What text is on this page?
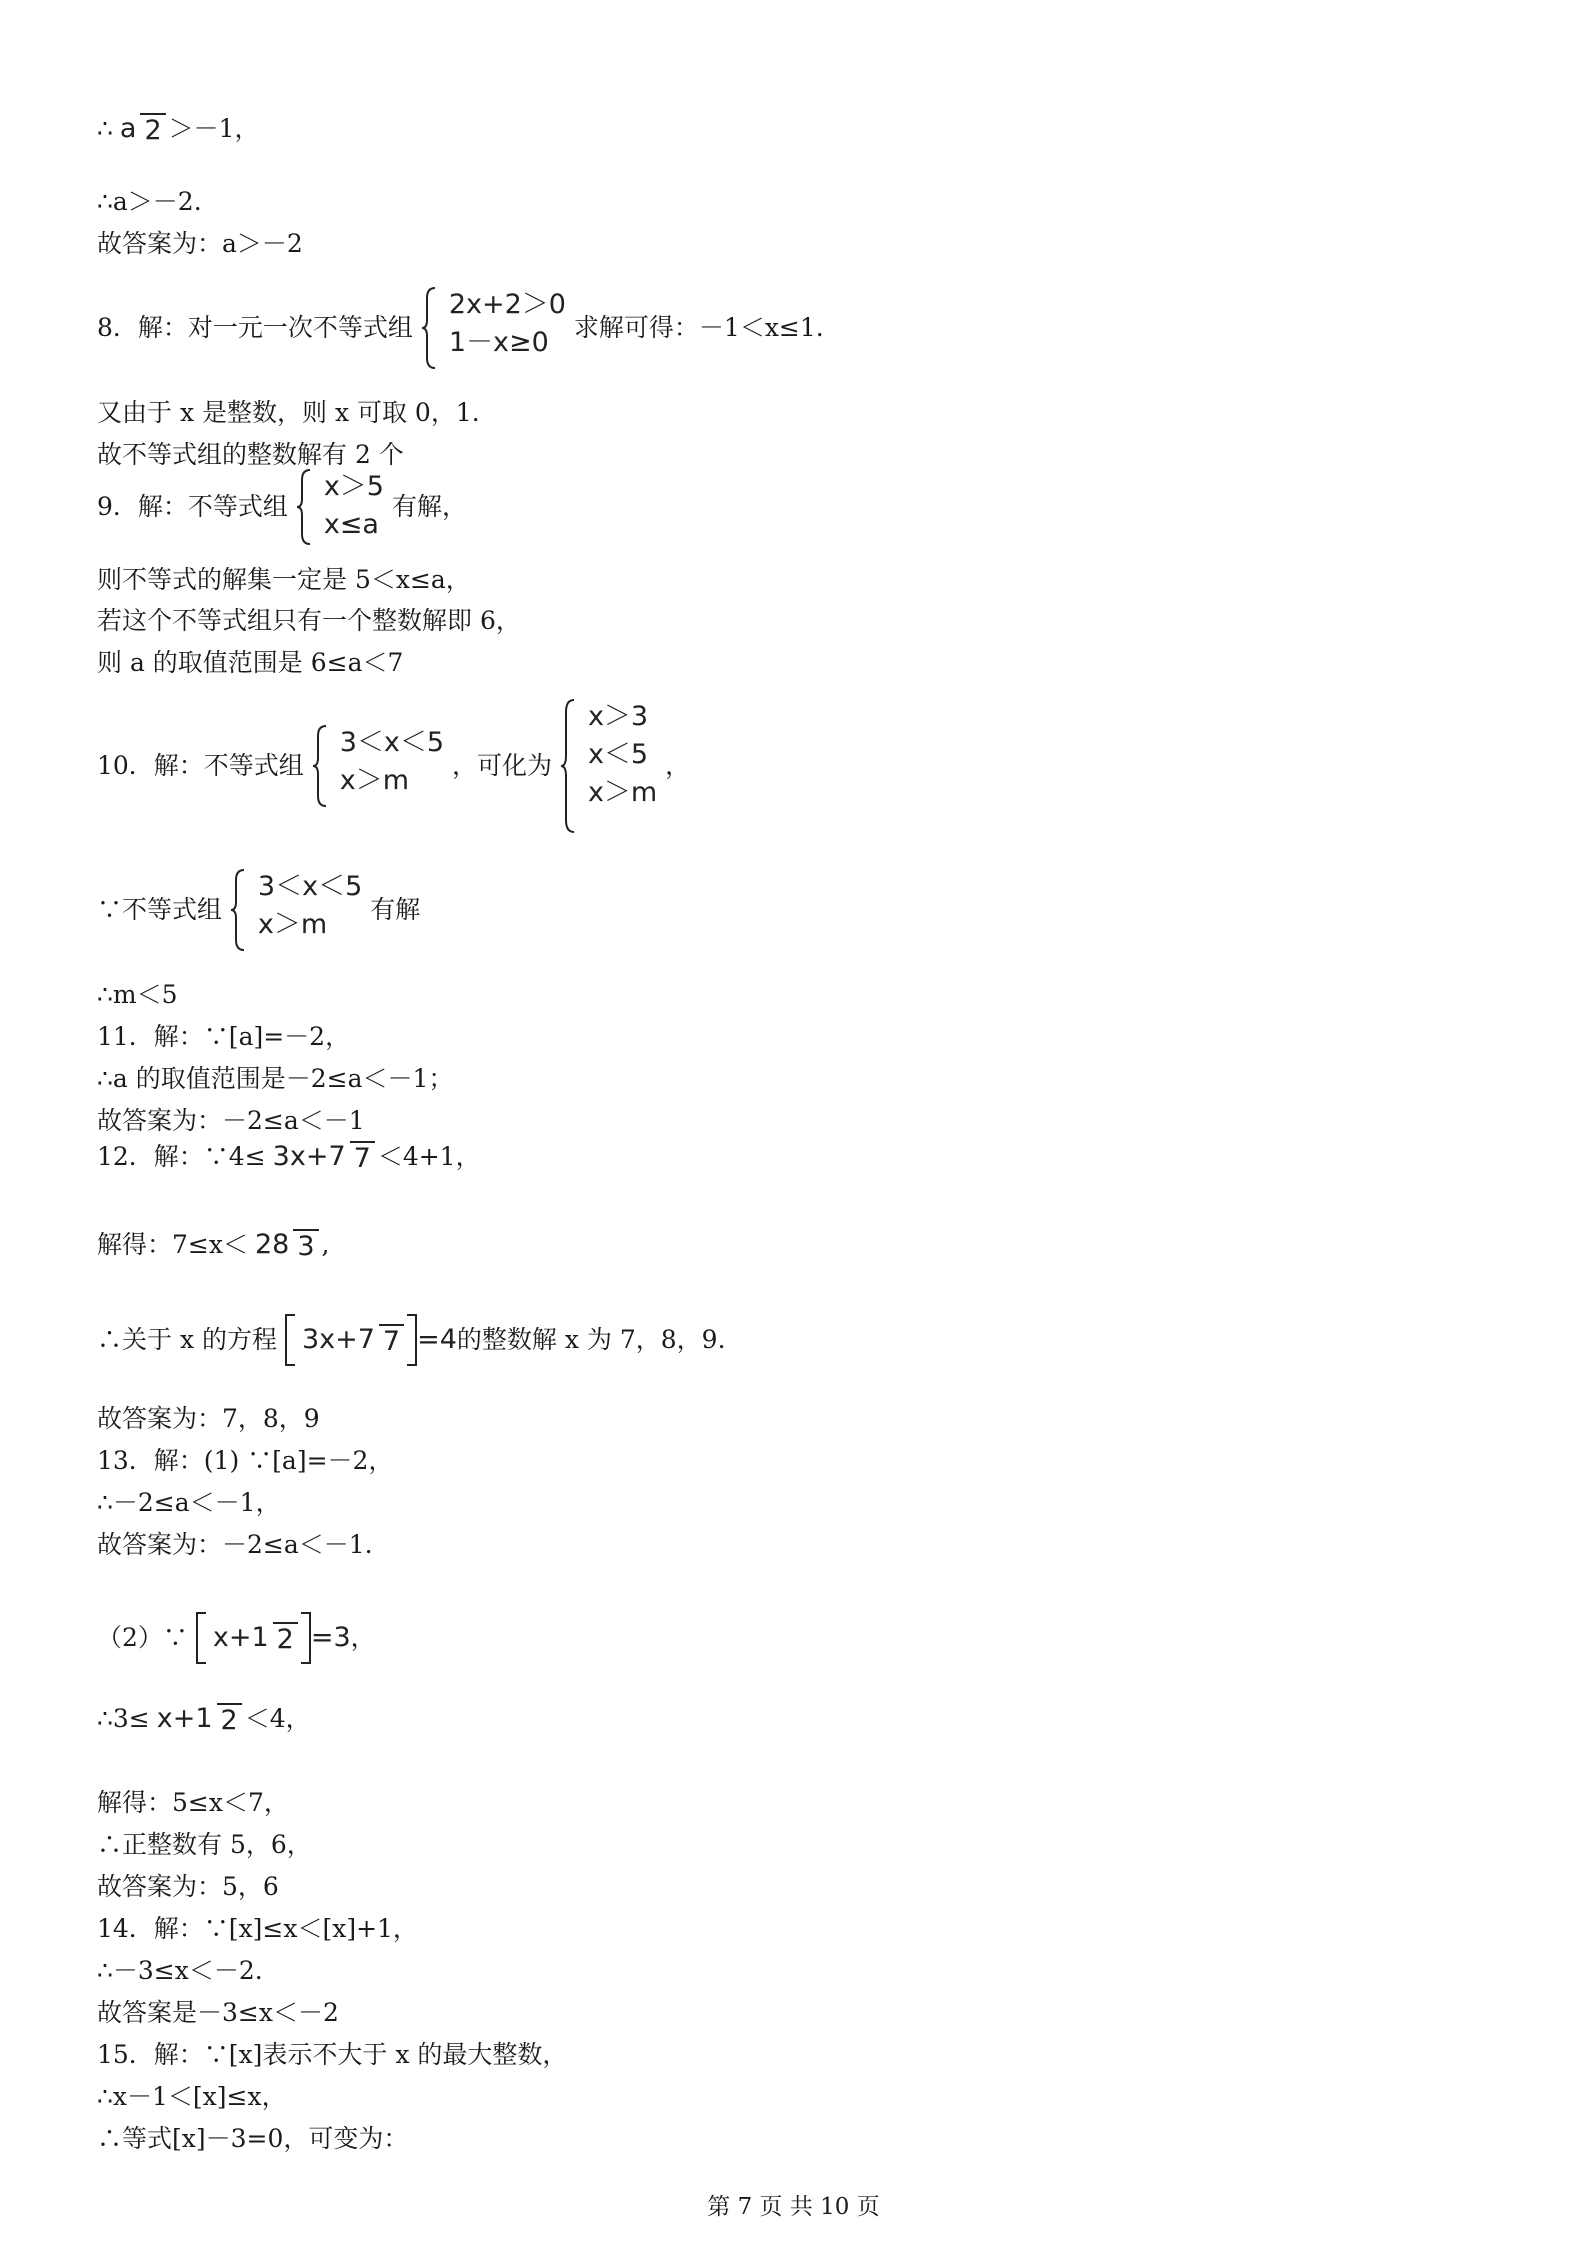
∴ a 2 ＞－1，
∴a＞－2.
故答案为：a＞－2
8．解：对一元一次不等式组
2x+2＞0
1－x≥0	求解可得：－1＜x≤1.
又由于 x 是整数，则 x 可取 0，1.
故不等式组的整数解有 2 个
9．解：不等式组
x＞5
x≤a
有解，
则不等式的解集一定是 5＜x≤a，
若这个不等式组只有一个整数解即 6，
则 a 的取值范围是 6≤a＜7
10．解：不等式组
3＜x＜5
x＞m	，可化为
x＞3
x＜5
x＞m
，
∵不等式组
3＜x＜5
x＞m	有解
∴m＜5
11．解：∵[a]=－2，
∴a 的取值范围是－2≤a＜－1；
故答案为：－2≤a＜－1
12．解：∵4≤ 3x+7 7 ＜4+1，
解得：7≤x＜ 28 3 ,
∴关于 x 的方程 3x+7 7 =4的整数解 x 为 7，8，9.
故答案为：7，8，9
13．解：(1) ∵[a]=－2，
∴－2≤a＜－1，
故答案为：－2≤a＜－1.
（2）∵ x+1 2 =3，
∴3≤ x+1 2 ＜4，
解得：5≤x＜7，
∴正整数有 5，6，
故答案为：5，6
14．解：∵[x]≤x＜[x]+1，
∴－3≤x＜－2.
故答案是－3≤x＜－2
15．解：∵[x]表示不大于 x 的最大整数，
∴x－1＜[x]≤x，
∴等式[x]－3=0，可变为：
第 7 页 共 10 页
